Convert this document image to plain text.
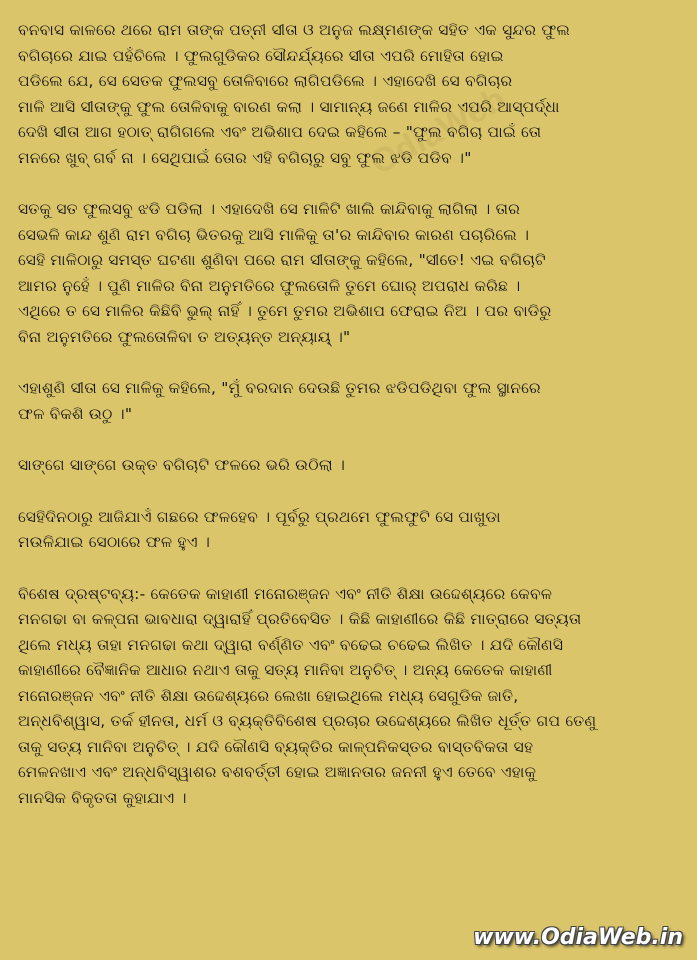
OdiaWeb

ବନବାସ କାଳରେ ଥରେ ରାମ ତାଙ୍କ ପତ୍ନୀ ସୀତା ଓ ଅନୁଜ ଲକ୍ଷ୍ମଣଙ୍କ ସହିତ ଏକ ସୁନ୍ଦର ଫୁଲ
ବଗିଚାରେ ଯାଇ ପହଁଚିଲେ । ଫୁଲଗୁଡିକର ସୌନ୍ଦର୍ଯ୍ୟରେ ସୀତା ଏପରି ମୋହିତା ହୋଇ
ପଡିଲେ ଯେ, ସେ ସେତକ ଫୁଲସବୁ ତୋଳିବାରେ ଲାଗିପଡିଲେ । ଏହାଦେଖି ସେ ବଗିଚାର
ମାଳି ଆସି ସୀତାଙ୍କୁ ଫୁଲ ତୋଳିବାକୁ ବାରଣ କଲା । ସାମାନ୍ୟ ଜଣେ ମାଳିର ଏପରି ଆସ୍ପର୍ଦ୍ଧା
ଦେଖି ସୀତା ଆଗ ହଠାତ୍ ରାଗିଗଲେ ଏବଂ ଅଭିଶାପ ଦେଇ କହିଲେ – "ଫୁଲ ବଗିଚା ପାଇଁ ତୋ
ମନରେ ଖୁବ୍ ଗର୍ବ ନା । ସେଥିପାଇଁ ତୋର ଏହି ବଗିଚାରୁ ସବୁ ଫୁଲ ଝଡି ପଡିବ ।"

ସତକୁ ସତ ଫୁଲସବୁ ଝଡି ପଡିଲା । ଏହାଦେଖି ସେ ମାଳିଟି ଖାଲି କାନ୍ଦିବାକୁ ଲାଗିଲା । ତାର
ସେଭଳି କାନ୍ଦ ଶୁଣି ରାମ ବଗିଚା ଭିତରକୁ ଆସି ମାଳିକୁ ତା'ର କାନ୍ଦିବାର କାରଣ ପଚାରିଲେ ।
ସେହି ମାଳିଠାରୁ ସମସ୍ତ ଘଟଣା ଶୁଣିବା ପରେ ରାମ ସୀତାଙ୍କୁ କହିଲେ, "ସୀତେ! ଏଇ ବଗିଚାଟି
ଆମର ନୁହେଁ । ପୁଣି ମାଳିର ବିନା ଅନୁମତିରେ ଫୁଲତୋଳି ତୁମେ ଘୋର୍ ଅପରାଧ କରିଛ ।
ଏଥିରେ ତ ସେ ମାଳିର କିଛିବି ଭୁଲ୍ ନାହିଁ । ତୁମେ ତୁମର ଅଭିଶାପ ଫେରାଇ ନିଅ । ପର ବାଡିରୁ
ବିନା ଅନୁମତିରେ ଫୁଲତୋଳିବା ତ ଅତ୍ୟନ୍ତ ଅନ୍ୟାୟ୍ ।"

ଏହାଶୁଣି ସୀତା ସେ ମାଳିକୁ କହିଲେ, "ମୁଁ ବରଦାନ ଦେଉଛି ତୁମର ଝଡିପଡିଥିବା ଫୁଲ ସ୍ଥାନରେ
ଫଳ ବିକଶି ଉଠୁ ।"

ସାଙ୍ଗେ ସାଙ୍ଗେ ଉକ୍ତ ବଗିଚାଟି ଫଳରେ ଭରି ଉଠିଲା ।

ସେହିଦିନଠାରୁ ଆଜିଯାଏଁ ଗଛରେ ଫଳହେବ । ପୂର୍ବରୁ ପ୍ରଥମେ ଫୁଲଫୁଟି ସେ ପାଖୁଡା
ମଉଳିଯାଇ ସେଠାରେ ଫଳ ହୁଏ ।

ବିଶେଷ ଦ୍ରଷ୍ଟବ୍ୟ:- କେତେକ କାହାଣୀ ମନୋରଞ୍ଜନ ଏବଂ ନୀତି ଶିକ୍ଷା ଉଦ୍ଦେଶ୍ୟରେ କେବଳ
ମନଗଢା ବା କଳ୍ପନା ଭାବଧାରା ଦ୍ୱାରାହିଁ ପ୍ରତିବେସିତ । କିଛି କାହାଣୀରେ କିଛି ମାତ୍ରାରେ ସତ୍ୟତା
ଥିଲେ ମଧ୍ୟ ତାହା ମନଗଢା କଥା ଦ୍ୱାରା ବର୍ଣ୍ଣିତ ଏବଂ ବଢେଇ ଚଢେଇ ଲିଖିତ । ଯଦି କୌଣସି
କାହାଣୀରେ ବୈଜ୍ଞାନିକ ଆଧାର ନଥାଏ ତାକୁ ସତ୍ୟ ମାନିବା ଅନୁଚିତ୍ । ଅନ୍ୟ କେତେକ କାହାଣୀ
ମନୋରଞ୍ଜନ ଏବଂ ନୀତି ଶିକ୍ଷା ଉଦ୍ଦେଶ୍ୟରେ ଲେଖା ହୋଇଥିଲେ ମଧ୍ୟ ସେଗୁଡିକ ଜାତି,
ଅନ୍ଧବିଶ୍ୱାସ, ତର୍କ ହୀନତା, ଧର୍ମ ଓ ବ୍ୟକ୍ତିବିଶେଷ ପ୍ରଚାର ଉଦ୍ଦେଶ୍ୟରେ ଲିଖିତ ଧୂର୍ତ୍ତ ଗପ ତେଣୁ
ତାକୁ ସତ୍ୟ ମାନିବା ଅନୁଚିତ୍ । ଯଦି କୌଣସି ବ୍ୟକ୍ତିର କାଳ୍ପନିକସ୍ତର ବାସ୍ତବିକତା ସହ
ମେଳନଖାଏ ଏବଂ ଅନ୍ଧବିସ୍ୱାଶର ବଶବର୍ତ୍ତୀ ହୋଇ ଅଜ୍ଞାନତାର ଜନନୀ ହୁଏ ତେବେ ଏହାକୁ
ମାନସିକ ବିକୃତତା କୁହାଯାଏ ।

www.OdiaWeb.in
